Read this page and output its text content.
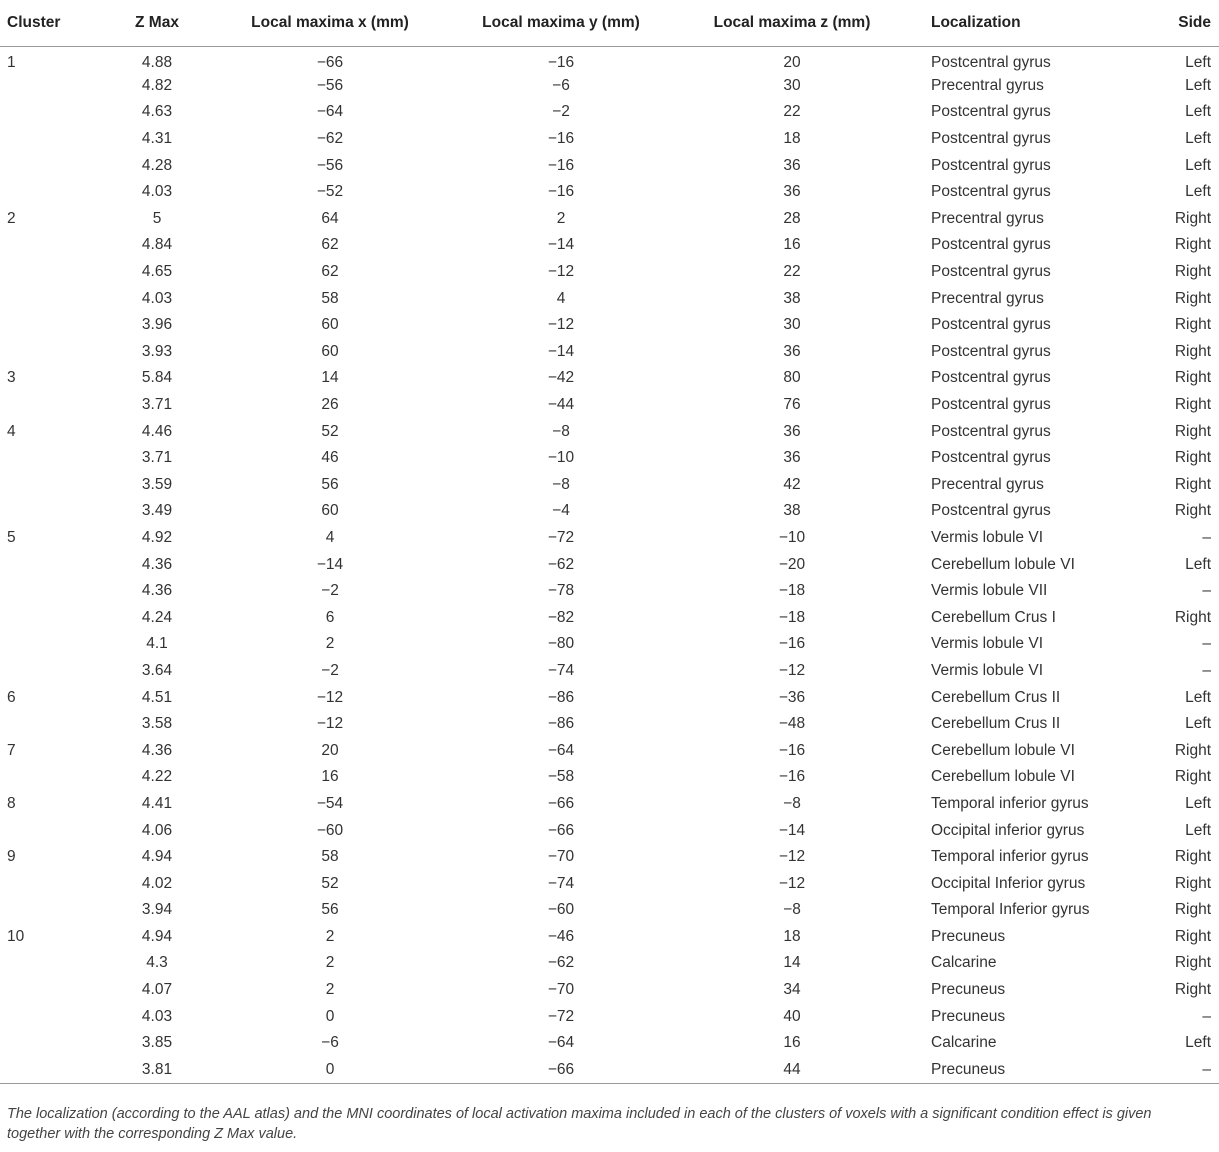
Cluster	Z Max	Local maxima x (mm)	Local maxima y (mm)	Local maxima z (mm)	Localization	Side
1	4.88	−66	−16	20	Postcentral gyrus	Left
	4.82	−56	−6	30	Precentral gyrus	Left
	4.63	−64	−2	22	Postcentral gyrus	Left
	4.31	−62	−16	18	Postcentral gyrus	Left
	4.28	−56	−16	36	Postcentral gyrus	Left
	4.03	−52	−16	36	Postcentral gyrus	Left
2	5	64	2	28	Precentral gyrus	Right
	4.84	62	−14	16	Postcentral gyrus	Right
	4.65	62	−12	22	Postcentral gyrus	Right
	4.03	58	4	38	Precentral gyrus	Right
	3.96	60	−12	30	Postcentral gyrus	Right
	3.93	60	−14	36	Postcentral gyrus	Right
3	5.84	14	−42	80	Postcentral gyrus	Right
	3.71	26	−44	76	Postcentral gyrus	Right
4	4.46	52	−8	36	Postcentral gyrus	Right
	3.71	46	−10	36	Postcentral gyrus	Right
	3.59	56	−8	42	Precentral gyrus	Right
	3.49	60	−4	38	Postcentral gyrus	Right
5	4.92	4	−72	−10	Vermis lobule VI	–
	4.36	−14	−62	−20	Cerebellum lobule VI	Left
	4.36	−2	−78	−18	Vermis lobule VII	–
	4.24	6	−82	−18	Cerebellum Crus I	Right
	4.1	2	−80	−16	Vermis lobule VI	–
	3.64	−2	−74	−12	Vermis lobule VI	–
6	4.51	−12	−86	−36	Cerebellum Crus II	Left
	3.58	−12	−86	−48	Cerebellum Crus II	Left
7	4.36	20	−64	−16	Cerebellum lobule VI	Right
	4.22	16	−58	−16	Cerebellum lobule VI	Right
8	4.41	−54	−66	−8	Temporal inferior gyrus	Left
	4.06	−60	−66	−14	Occipital inferior gyrus	Left
9	4.94	58	−70	−12	Temporal inferior gyrus	Right
	4.02	52	−74	−12	Occipital Inferior gyrus	Right
	3.94	56	−60	−8	Temporal Inferior gyrus	Right
10	4.94	2	−46	18	Precuneus	Right
	4.3	2	−62	14	Calcarine	Right
	4.07	2	−70	34	Precuneus	Right
	4.03	0	−72	40	Precuneus	–
	3.85	−6	−64	16	Calcarine	Left
	3.81	0	−66	44	Precuneus	–
The localization (according to the AAL atlas) and the MNI coordinates of local activation maxima included in each of the clusters of voxels with a significant condition effect is given together with the corresponding Z Max value.
